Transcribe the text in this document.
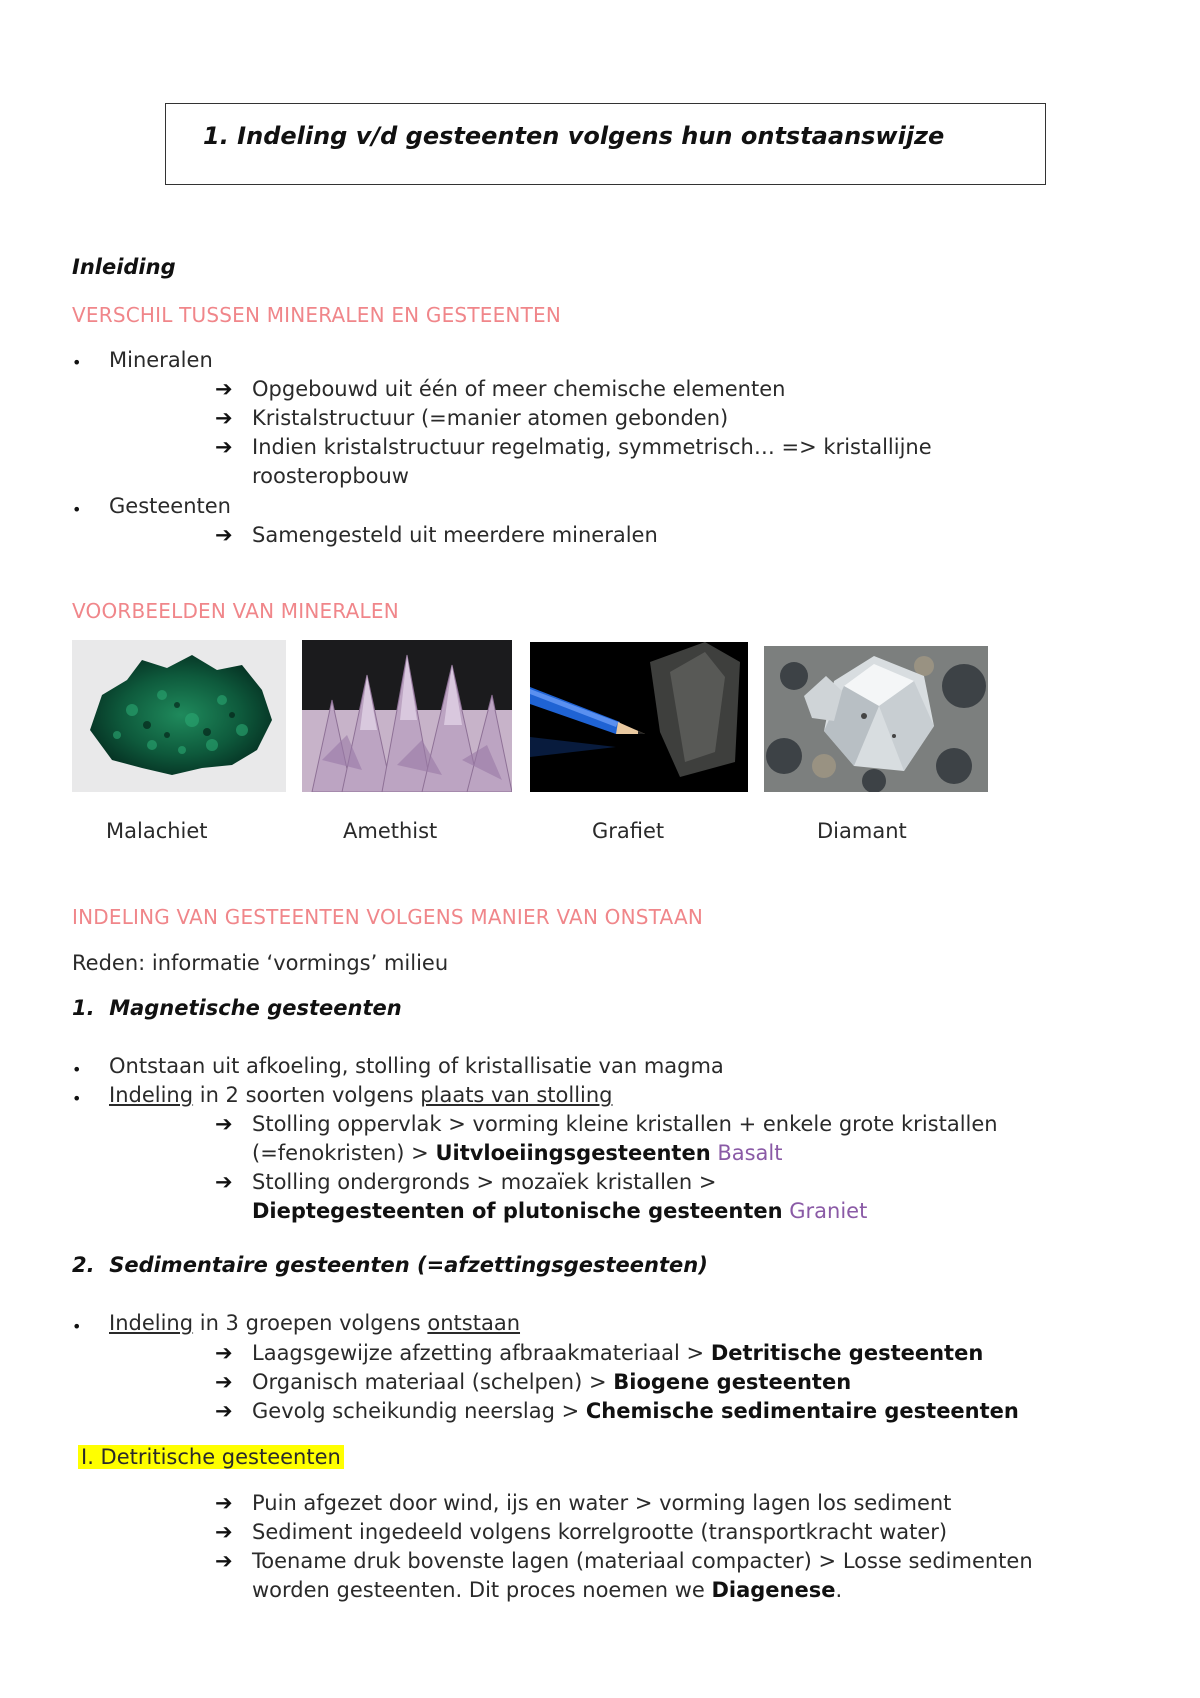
1. Indeling v/d gesteenten volgens hun ontstaanswijze
Inleiding
VERSCHIL TUSSEN MINERALEN EN GESTEENTEN
• Mineralen
➔ Opgebouwd uit één of meer chemische elementen
➔ Kristalstructuur (=manier atomen gebonden)
➔ Indien kristalstructuur regelmatig, symmetrisch… => kristallijne
roosteropbouw
• Gesteenten
➔ Samengesteld uit meerdere mineralen
VOORBEELDEN VAN MINERALEN
Malachiet	Amethist	Grafiet	Diamant
INDELING VAN GESTEENTEN VOLGENS MANIER VAN ONSTAAN
Reden: informatie ‘vormings’ milieu
1.  Magnetische gesteenten
• Ontstaan uit afkoeling, stolling of kristallisatie van magma
• Indeling in 2 soorten volgens plaats van stolling
➔ Stolling oppervlak > vorming kleine kristallen + enkele grote kristallen
(=fenokristen) > Uitvloeiingsgesteenten Basalt
➔ Stolling ondergronds > mozaïek kristallen >
Dieptegesteenten of plutonische gesteenten Graniet
2.  Sedimentaire gesteenten (=afzettingsgesteenten)
• Indeling in 3 groepen volgens ontstaan
➔ Laagsgewijze afzetting afbraakmateriaal > Detritische gesteenten
➔ Organisch materiaal (schelpen) > Biogene gesteenten
➔ Gevolg scheikundig neerslag > Chemische sedimentaire gesteenten
I. Detritische gesteenten
➔ Puin afgezet door wind, ijs en water > vorming lagen los sediment
➔ Sediment ingedeeld volgens korrelgrootte (transportkracht water)
➔ Toename druk bovenste lagen (materiaal compacter) > Losse sedimenten
worden gesteenten. Dit proces noemen we Diagenese.
